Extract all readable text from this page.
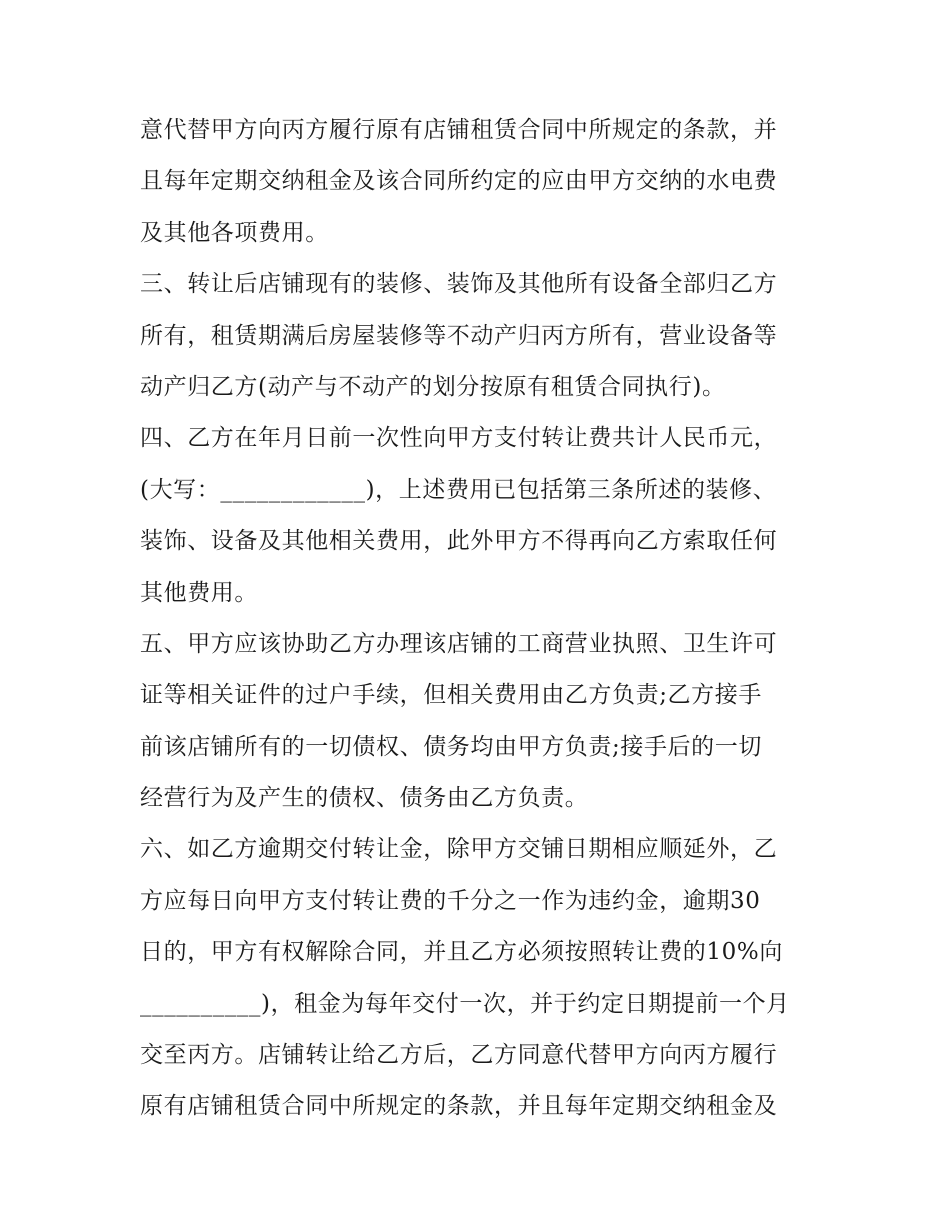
意代替甲方向丙方履行原有店铺租赁合同中所规定的条款，并
且每年定期交纳租金及该合同所约定的应由甲方交纳的水电费
及其他各项费用。
三、转让后店铺现有的装修、装饰及其他所有设备全部归乙方
所有，租赁期满后房屋装修等不动产归丙方所有，营业设备等
动产归乙方(动产与不动产的划分按原有租赁合同执行)。
四、乙方在年月日前一次性向甲方支付转让费共计人民币元，
(大写：____________)，上述费用已包括第三条所述的装修、
装饰、设备及其他相关费用，此外甲方不得再向乙方索取任何
其他费用。
五、甲方应该协助乙方办理该店铺的工商营业执照、卫生许可
证等相关证件的过户手续，但相关费用由乙方负责;乙方接手
前该店铺所有的一切债权、债务均由甲方负责;接手后的一切
经营行为及产生的债权、债务由乙方负责。
六、如乙方逾期交付转让金，除甲方交铺日期相应顺延外，乙
方应每日向甲方支付转让费的千分之一作为违约金，逾期30
日的，甲方有权解除合同，并且乙方必须按照转让费的10%向
__________)，租金为每年交付一次，并于约定日期提前一个月
交至丙方。店铺转让给乙方后，乙方同意代替甲方向丙方履行
原有店铺租赁合同中所规定的条款，并且每年定期交纳租金及
